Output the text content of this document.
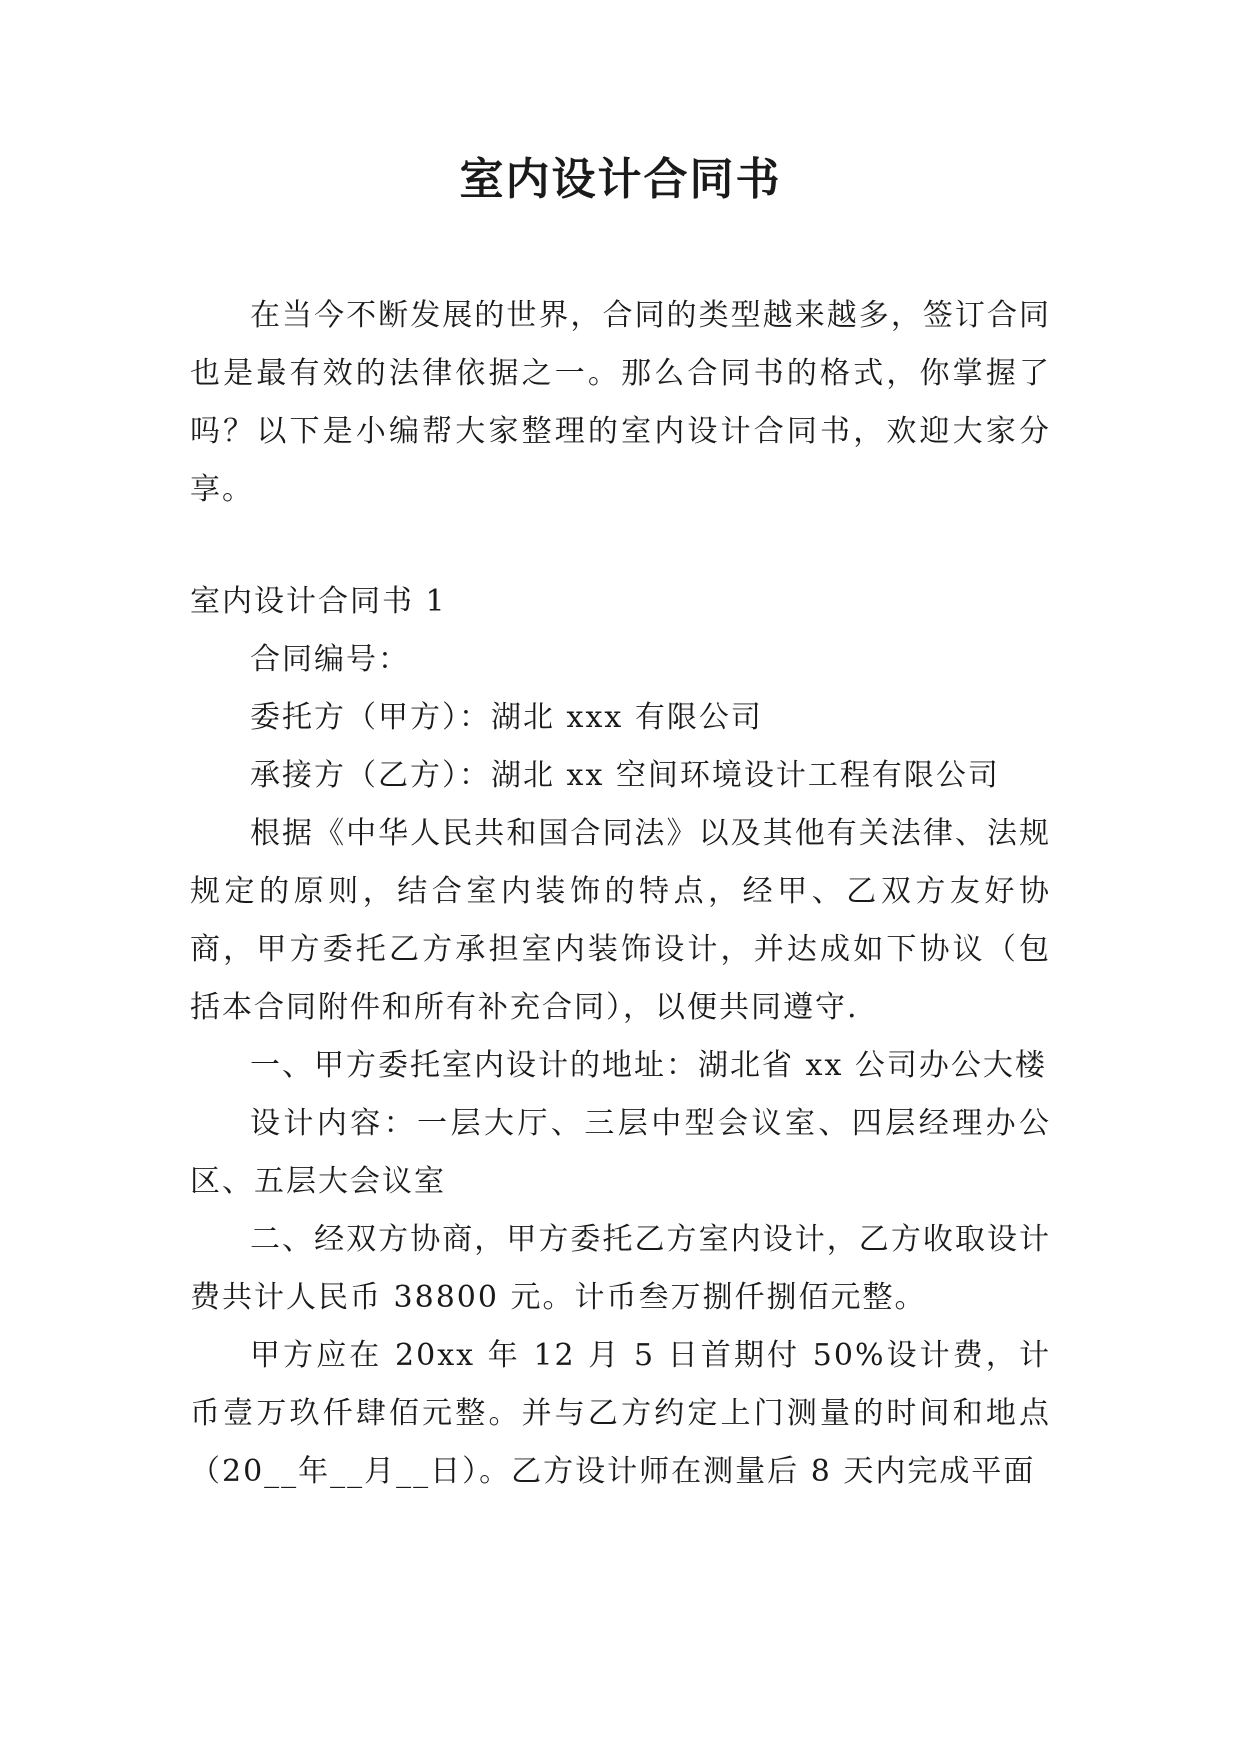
室内设计合同书

在当今不断发展的世界，合同的类型越来越多，签订合同也是最有效的法律依据之一。那么合同书的格式，你掌握了吗？以下是小编帮大家整理的室内设计合同书，欢迎大家分享。

室内设计合同书 1

合同编号：

委托方（甲方）：湖北 xxx 有限公司

承接方（乙方）：湖北 xx 空间环境设计工程有限公司

根据《中华人民共和国合同法》以及其他有关法律、法规规定的原则，结合室内装饰的特点，经甲、乙双方友好协商，甲方委托乙方承担室内装饰设计，并达成如下协议（包括本合同附件和所有补充合同），以便共同遵守.

一、甲方委托室内设计的地址：湖北省 xx 公司办公大楼

设计内容：一层大厅、三层中型会议室、四层经理办公区、五层大会议室

二、经双方协商，甲方委托乙方室内设计，乙方收取设计费共计人民币 38800 元。计币叁万捌仟捌佰元整。

甲方应在 20xx 年 12 月 5 日首期付 50%设计费，计币壹万玖仟肆佰元整。并与乙方约定上门测量的时间和地点（20__年__月__日）。乙方设计师在测量后 8 天内完成平面
